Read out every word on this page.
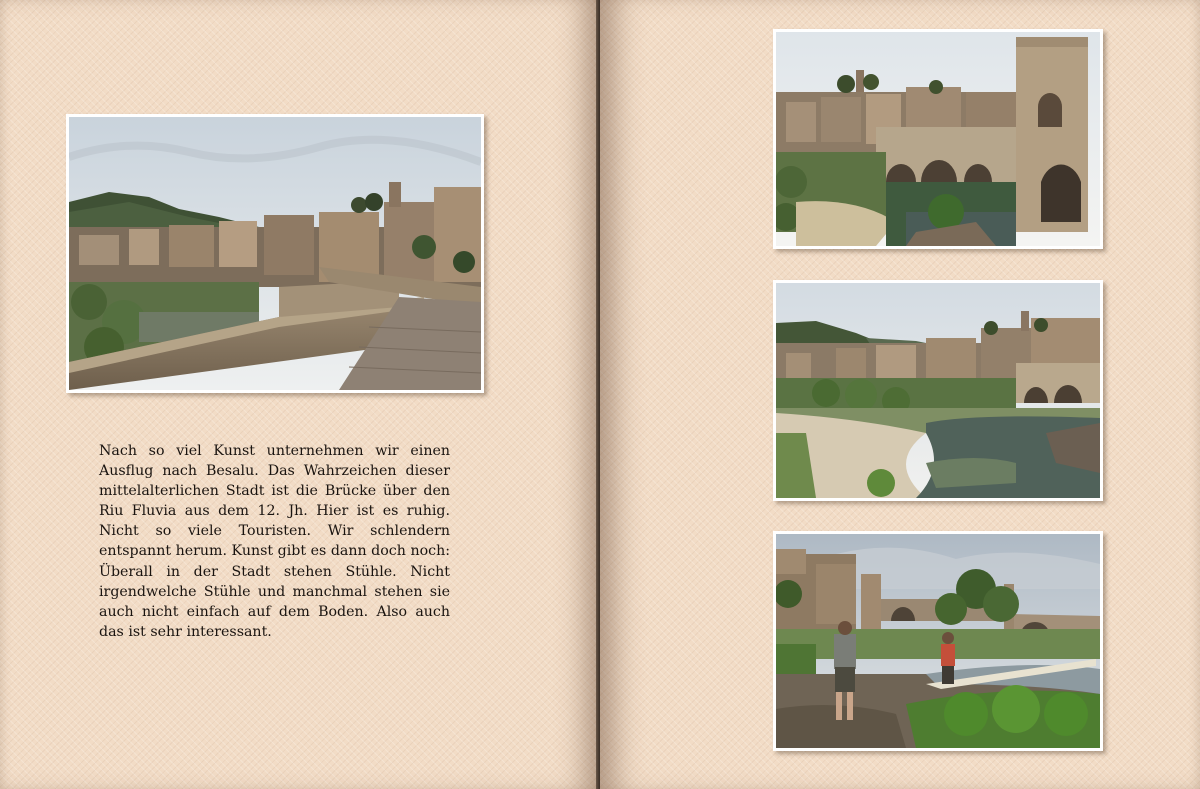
Nach so viel Kunst unternehmen wir einen Ausflug nach Besalu. Das Wahrzeichen dieser mittelalterlichen Stadt ist die Brücke über den Riu Fluvia aus dem 12. Jh. Hier ist es ruhig. Nicht so viele Touristen. Wir schlendern entspannt herum. Kunst gibt es dann doch noch: Überall in der Stadt stehen Stühle. Nicht irgendwelche Stühle und manchmal stehen sie auch nicht einfach auf dem Boden. Also auch das ist sehr interessant.
